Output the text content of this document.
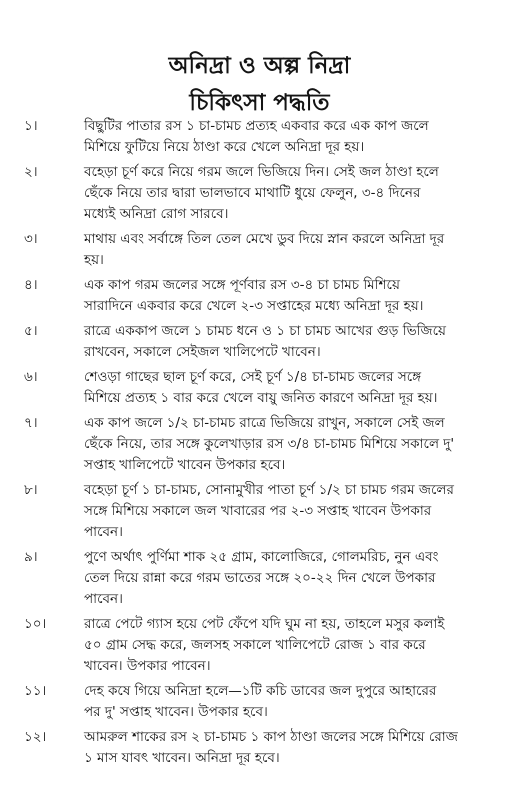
অনিদ্রা ও অল্প নিদ্রা
চিকিৎসা পদ্ধতি
১।	বিছুটির পাতার রস ১ চা-চামচ প্রত্যহ একবার করে এক কাপ জলে
মিশিয়ে ফুটিয়ে নিয়ে ঠাণ্ডা করে খেলে অনিদ্রা দূর হয়।
২।	বহেড়া চূর্ণ করে নিয়ে গরম জলে ভিজিয়ে দিন। সেই জল ঠাণ্ডা হলে
ছেঁকে নিয়ে তার দ্বারা ভালভাবে মাথাটি ধুয়ে ফেলুন, ৩-৪ দিনের
মধ্যেই অনিদ্রা রোগ সারবে।
৩।	মাথায় এবং সর্বাঙ্গে তিল তেল মেখে ডুব দিয়ে স্নান করলে অনিদ্রা দূর
হয়।
৪।	এক কাপ গরম জলের সঙ্গে পূর্ণবার রস ৩-৪ চা চামচ মিশিয়ে
সারাদিনে একবার করে খেলে ২-৩ সপ্তাহের মধ্যে অনিদ্রা দূর হয়।
৫।	রাত্রে এককাপ জলে ১ চামচ ধনে ও ১ চা চামচ আখের গুড় ভিজিয়ে
রাখবেন, সকালে সেইজল খালিপেটে খাবেন।
৬।	শেওড়া গাছের ছাল চূর্ণ করে, সেই চূর্ণ ১/৪ চা-চামচ জলের সঙ্গে
মিশিয়ে প্রত্যহ ১ বার করে খেলে বায়ু জনিত কারণে অনিদ্রা দূর হয়।
৭।	এক কাপ জলে ১/২ চা-চামচ রাত্রে ভিজিয়ে রাখুন, সকালে সেই জল
ছেঁকে নিয়ে, তার সঙ্গে কুলেখাড়ার রস ৩/৪ চা-চামচ মিশিয়ে সকালে দু'
সপ্তাহ খালিপেটে খাবেন উপকার হবে।
৮।	বহেড়া চূর্ণ ১ চা-চামচ, সোনামুখীর পাতা চূর্ণ ১/২ চা চামচ গরম জলের
সঙ্গে মিশিয়ে সকালে জল খাবারের পর ২-৩ সপ্তাহ খাবেন উপকার
পাবেন।
৯।	পুণে অর্থাৎ পুর্ণিমা শাক ২৫ গ্রাম, কালোজিরে, গোলমরিচ, নুন এবং
তেল দিয়ে রান্না করে গরম ভাতের সঙ্গে ২০-২২ দিন খেলে উপকার
পাবেন।
১০।	রাত্রে পেটে গ্যাস হয়ে পেট ফেঁপে যদি ঘুম না হয়, তাহলে মসুর কলাই
৫০ গ্রাম সেদ্ধ করে, জলসহ সকালে খালিপেটে রোজ ১ বার করে
খাবেন। উপকার পাবেন।
১১।	দেহ কষে গিয়ে অনিদ্রা হলে—১টি কচি ডাবের জল দুপুরে আহারের
পর দু' সপ্তাহ খাবেন। উপকার হবে।
১২।	আমরুল শাকের রস ২ চা-চামচ ১ কাপ ঠাণ্ডা জলের সঙ্গে মিশিয়ে রোজ
১ মাস যাবৎ খাবেন। অনিদ্রা দূর হবে।
